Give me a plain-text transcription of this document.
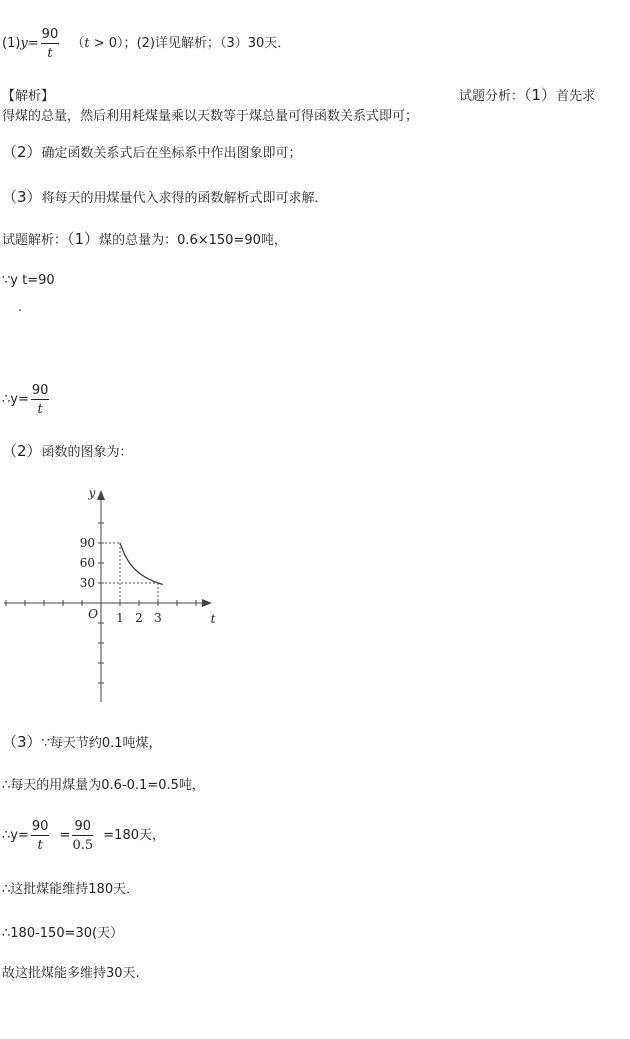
$(1)y= \frac{90}{t} (t > 0)$；(2)详见解析；（3）30天．
【解析】	试题分析：（1）首先求
得煤的总量，然后利用耗煤量乘以天数等于煤总量可得函数关系式即可；
（2）确定函数关系式后在坐标系中作出图象即可；
（3）将每天的用煤量代入求得的函数解析式即可求解．
试题解析：（1）煤的总量为：0.6×150=90吨，
∵y t=90
.
∴y= $\frac{90}{t}$
（2）函数的图象为：
90
60
30
1 2 3
O	t
y
（3）∵每天节约0.1吨煤，
∴每天的用煤量为0.6-0.1=0.5吨，
∴y= $\frac{90}{t} = \frac{90}{0.5} =180$天，
∴这批煤能维持180天．
∴180-150=30(天）
故这批煤能多维持30天.
